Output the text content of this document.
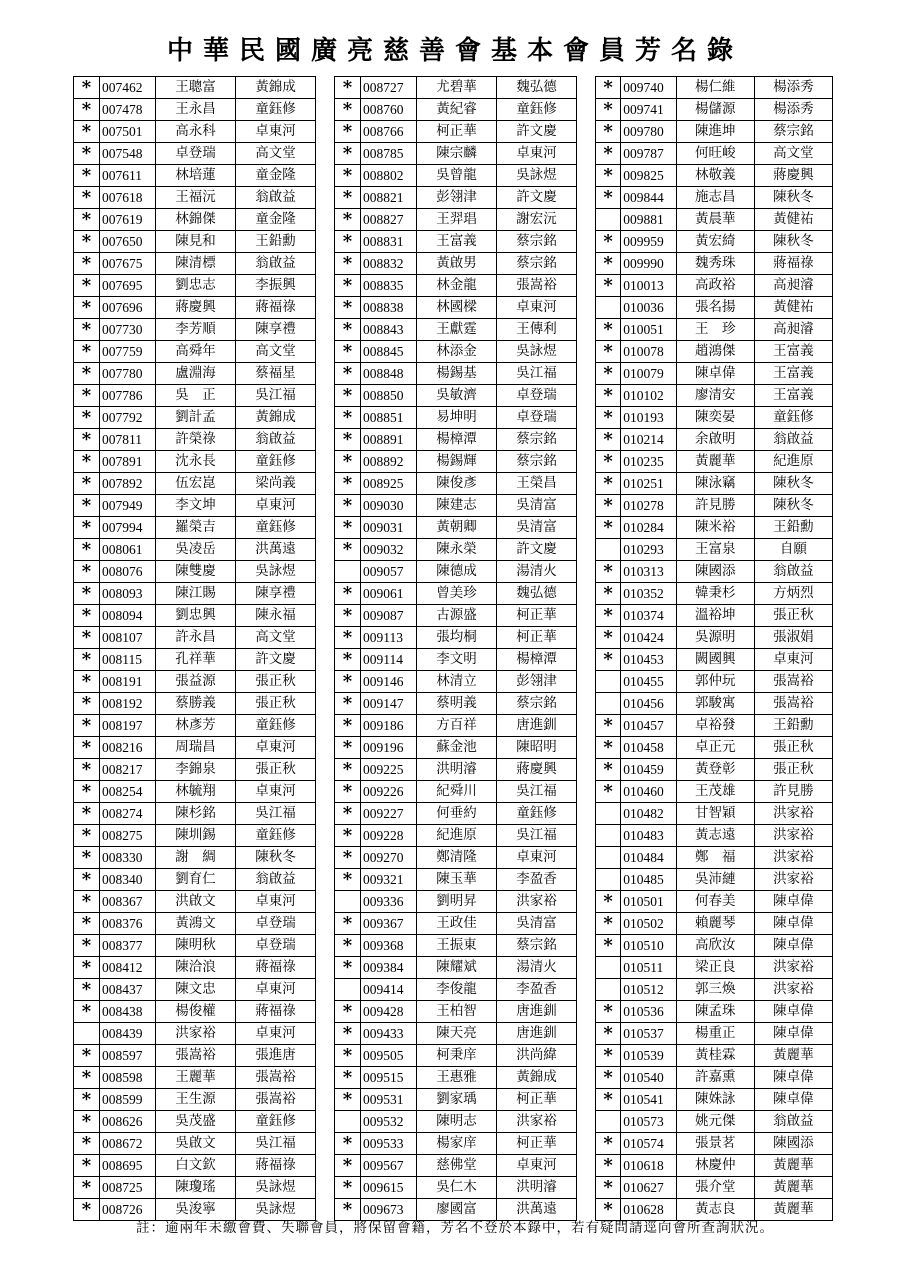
中華民國廣亮慈善會基本會員芳名錄
*	007462	王聰富	黃錦成
*	007478	王永昌	童鈺修
*	007501	高永科	卓東河
*	007548	卓登瑞	高文堂
*	007611	林培蓮	童金隆
*	007618	王福沅	翁啟益
*	007619	林錦傑	童金隆
*	007650	陳見和	王鉛勳
*	007675	陳清標	翁啟益
*	007695	劉忠志	李振興
*	007696	蔣慶興	蔣福祿
*	007730	李芳順	陳享禮
*	007759	高舜年	高文堂
*	007780	盧淵海	蔡福星
*	007786	吳　正	吳江福
*	007792	劉計孟	黃錦成
*	007811	許榮祿	翁啟益
*	007891	沈永長	童鈺修
*	007892	伍宏崑	梁尚義
*	007949	李文坤	卓東河
*	007994	羅榮吉	童鈺修
*	008061	吳凌岳	洪萬遠
*	008076	陳雙慶	吳詠煜
*	008093	陳江賜	陳享禮
*	008094	劉忠興	陳永福
*	008107	許永昌	高文堂
*	008115	孔祥華	許文慶
*	008191	張益源	張正秋
*	008192	蔡勝義	張正秋
*	008197	林彥芳	童鈺修
*	008216	周瑞昌	卓東河
*	008217	李錦泉	張正秋
*	008254	林毓翔	卓東河
*	008274	陳杉銘	吳江福
*	008275	陳圳錫	童鈺修
*	008330	謝　綢	陳秋冬
*	008340	劉育仁	翁啟益
*	008367	洪啟文	卓東河
*	008376	黃鴻文	卓登瑞
*	008377	陳明秋	卓登瑞
*	008412	陳洽浪	蔣福祿
*	008437	陳文忠	卓東河
*	008438	楊俊權	蔣福祿
	008439	洪家裕	卓東河
*	008597	張嵩裕	張進唐
*	008598	王麗華	張嵩裕
*	008599	王生源	張嵩裕
*	008626	吳茂盛	童鈺修
*	008672	吳啟文	吳江福
*	008695	白文欽	蔣福祿
*	008725	陳瓊瑤	吳詠煜
*	008726	吳浚寧	吳詠煜
*	008727	尤碧華	魏弘德
*	008760	黃紀睿	童鈺修
*	008766	柯正華	許文慶
*	008785	陳宗麟	卓東河
*	008802	吳曾龍	吳詠煜
*	008821	彭翎津	許文慶
*	008827	王羿琩	謝宏沅
*	008831	王富義	蔡宗銘
*	008832	黃啟男	蔡宗銘
*	008835	林金龍	張嵩裕
*	008838	林國樑	卓東河
*	008843	王獻霆	王傳利
*	008845	林添金	吳詠煜
*	008848	楊錫基	吳江福
*	008850	吳敏濟	卓登瑞
*	008851	易坤明	卓登瑞
*	008891	楊樟潭	蔡宗銘
*	008892	楊錫輝	蔡宗銘
*	008925	陳俊彥	王榮昌
*	009030	陳建志	吳清富
*	009031	黃朝卿	吳清富
*	009032	陳永榮	許文慶
	009057	陳德成	湯清火
*	009061	曾美珍	魏弘德
*	009087	古源盛	柯正華
*	009113	張均桐	柯正華
*	009114	李文明	楊樟潭
*	009146	林清立	彭翎津
*	009147	蔡明義	蔡宗銘
*	009186	方百祥	唐進釧
*	009196	蘇金池	陳昭明
*	009225	洪明濬	蔣慶興
*	009226	紀舜川	吳江福
*	009227	何垂約	童鈺修
*	009228	紀進原	吳江福
*	009270	鄭清隆	卓東河
*	009321	陳玉華	李盈香
	009336	劉明昇	洪家裕
*	009367	王政佳	吳清富
*	009368	王振東	蔡宗銘
*	009384	陳耀斌	湯清火
	009414	李俊龍	李盈香
*	009428	王柏智	唐進釧
*	009433	陳天亮	唐進釧
*	009505	柯秉庠	洪尚緯
*	009515	王惠雅	黃錦成
*	009531	劉家瑀	柯正華
	009532	陳明志	洪家裕
*	009533	楊家庠	柯正華
*	009567	慈佛堂	卓東河
*	009615	吳仁木	洪明濬
*	009673	廖國富	洪萬遠
*	009740	楊仁維	楊添秀
*	009741	楊儲源	楊添秀
*	009780	陳進坤	蔡宗銘
*	009787	何旺峻	高文堂
*	009825	林敬義	蔣慶興
*	009844	施志昌	陳秋冬
	009881	黃晨華	黃健祐
*	009959	黃宏綺	陳秋冬
*	009990	魏秀珠	蔣福祿
*	010013	高政裕	高昶濬
	010036	張名揚	黃健祐
*	010051	王　珍	高昶濬
*	010078	趙鴻傑	王富義
*	010079	陳卓偉	王富義
*	010102	廖清安	王富義
*	010193	陳奕晏	童鈺修
*	010214	余啟明	翁啟益
*	010235	黃麗華	紀進原
*	010251	陳泳竊	陳秋冬
*	010278	許見勝	陳秋冬
*	010284	陳米裕	王鉛勳
	010293	王富泉	自願
*	010313	陳國添	翁啟益
*	010352	韓秉杉	方炳烈
*	010374	溫裕坤	張正秋
*	010424	吳源明	張淑娟
*	010453	闕國興	卓東河
	010455	郭仲玩	張嵩裕
	010456	郭駿寓	張嵩裕
*	010457	卓裕發	王鉛勳
*	010458	卓正元	張正秋
*	010459	黃登彰	張正秋
*	010460	王茂雄	許見勝
	010482	甘智穎	洪家裕
	010483	黃志遠	洪家裕
	010484	鄭　福	洪家裕
	010485	吳沛縺	洪家裕
*	010501	何春美	陳卓偉
*	010502	賴麗琴	陳卓偉
*	010510	高欣汝	陳卓偉
	010511	梁正良	洪家裕
	010512	郭三煥	洪家裕
*	010536	陳孟珠	陳卓偉
*	010537	楊重正	陳卓偉
*	010539	黃桂霖	黃麗華
*	010540	許嘉熏	陳卓偉
*	010541	陳姝詠	陳卓偉
	010573	姚元傑	翁啟益
*	010574	張景茗	陳國添
*	010618	林慶仲	黃麗華
*	010627	張介堂	黃麗華
*	010628	黃志良	黃麗華
註：逾兩年未繳會費、失聯會員，將保留會籍，芳名不登於本錄中，若有疑問請逕向會所查詢狀況。
